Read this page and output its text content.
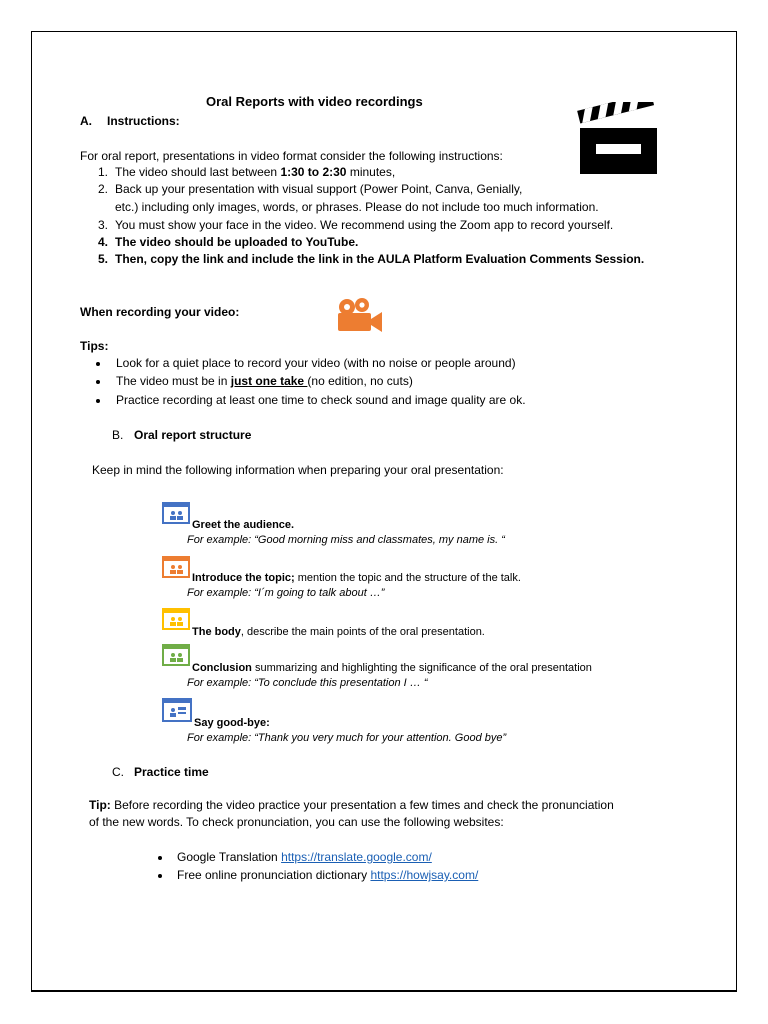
Oral Reports with video recordings
A. Instructions:
For oral report, presentations in video format consider the following instructions:
1. The video should last between 1:30 to 2:30 minutes,
2. Back up your presentation with visual support (Power Point, Canva, Genially,
etc.) including only images, words, or phrases. Please do not include too much information.
3. You must show your face in the video. We recommend using the Zoom app to record yourself.
4. The video should be uploaded to YouTube.
5. Then, copy the link and include the link in the AULA Platform Evaluation Comments Session.
When recording your video:
Tips:
Look for a quiet place to record your video (with no noise or people around)
The video must be in just one take (no edition, no cuts)
Practice recording at least one time to check sound and image quality are ok.
B. Oral report structure
Keep in mind the following information when preparing your oral presentation:
Greet the audience.
For example: “Good morning miss and classmates, my name is. “
Introduce the topic; mention the topic and the structure of the talk.
For example: “I´m going to talk about …”
The body, describe the main points of the oral presentation.
Conclusion summarizing and highlighting the significance of the oral presentation
For example: “To conclude this presentation I … “
Say good-bye:
For example: “Thank you very much for your attention. Good bye”
C. Practice time
Tip: Before recording the video practice your presentation a few times and check the pronunciation
of the new words. To check pronunciation, you can use the following websites:
Google Translation https://translate.google.com/
Free online pronunciation dictionary https://howjsay.com/
